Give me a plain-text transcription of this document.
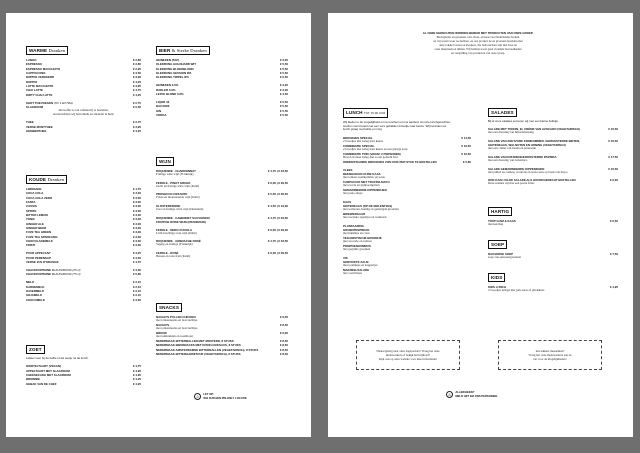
WARME Dranken
LUNGO	€ 2,80
ESPRESSO	€ 2,80
ESPRESSO MACCHIATO	€ 2,95
CAPPUCCINO	€ 3,50
DOPPIO VERKEERD	€ 3,90
DOPPIO	€ 4,25
LATTE MACCHIATO	€ 3,95
CHAI LATTE	€ 4,75
DIRTY CHAI LATTE	€ 4,25
SHOT TOEVOEGEN (OV 1 EXTRA)	€ 0,75
SLAGROOM	€ 0,50
alle koffie is ook cafeïnevrij te bestellen,
tevens hebben wij havermelk en amandel in huis!
THEE	€ 2,75
VERSE MUNTTHEE	€ 3,95
GEMBERTHEE	€ 4,25
KOUDE Dranken
LIMONADE	€ 1,70
COCA COLA	€ 3,00
COCA COLA ZERO	€ 3,00
FANTA	€ 3,00
CASSIS	€ 3,00
SPRITE	€ 3,00
BITTER LEMON	€ 3,00
TONIC	€ 3,00
GINGER ALE	€ 3,00
GINGER BEER	€ 3,30
FUZE TEA GREEN	€ 3,30
FUZE TEA SPARKLING	€ 3,30
CHOCOLADEMELK	€ 3,30
FRISTI	€ 3,30
PUUR APPELSAP	€ 3,25
PUUR PERENSAP	€ 3,50
VERSE JUS D'ORANGE	€ 4,75
CHAUDFONTAINE BLAUW/ROOD (25 cl)	€ 3,30
CHAUDFONTAINE BLAUW/ROOD (75 cl)	€ 5,80
MELK	€ 2,10
KARNEMELK	€ 2,10
HAVERMELK	€ 2,10
SOJAMELK	€ 2,10
CHOCOMELK	€ 3,30
ZOET
Lekker voor bij de koffie of als toetje na de lunch.
WORTELTAART (VEGAN)	€ 4,75
APPELTAART MET SLAGROOM	€ 4,95
CHEESECAKE MET SLAGROOM	€ 4,95
BROWNIE	€ 4,25
GEBAK VAN DE CHEF	€ 4,95
BIER & Sterke Dranken
HEINEKEN (TAP)	€ 3,20
KLEDRUNG GOLDHARD WIT	€ 5,50
KLEDRUNG BLOEDBLOND	€ 5,50
KLEDRUNG SESSION IPA	€ 5,50
KLEDRUNG TRIPEL IPA	€ 6,50
HEINEKEN 0.0%	€ 3,20
RADLER 0.0%	€ 3,20
LEFFE BLOND 0.0%	€ 4,50
LIQOR 43	€ 5,50
BACARDI	€ 5,50
GIN	€ 5,50
VODKA	€ 5,50
WIJN
ROQUENDE - CHARDONNAY	€ 4,75 | € 23,50
Fruitige witte wijn (Frankrijk)
FEROLE - PINOT GRIGIO	€ 6,00 | € 29,50
Zacht en fruitige witte wijn (Italië)
PROSECCO FIZZANTE	€ 5,50 | € 26,50
Frisse en mousserende wijn (Italië)
KLOSTERKRONE	€ 4,50 | € 19,00
Zoet en fruitige witte wijn (Duitsland)
ROQUENDE - CABERNET SAUVIGNON	€ 4,75 | € 23,50
FRUITIGE RODE WIJN (FRANKRIJK)
FEROLE - NERO D'AVOLA	€ 6,00 | € 29,50
Licht krachtige rode wijn (Italië)
ROQUENDE - GRENACHE ROSÉ	€ 4,75 | € 23,50
Sappig en fruitige (Frankrijk)
FEROLE - ROSÉ	€ 6,00 | € 29,50
Bessen en rode fruit (Italië)
SNACKS
NACHO'S PULLED CHICKEN	€ 9,50
met tomatensalsa en bosvruchtjes
NACHO'S	€ 8,50
met tomatensalsa en bosvruchtjes
BROOD	€ 6,00
met tuinkruiden en roomboter
NEDERMAAK BITTERBALLEN MET MOSTERD, 8 STUKS	€ 8,50
NEDERMAAK BIENSNACKS MET KNOFLOOKSAUS, 8 STUKS	€ 8,50
NEDERMAAK AMSTERDAMSE BITTERBALLEN (VEGETARISCH), 8 STUKS	€ 8,50
NEDERMAAK BITTERGARNITUUR (VEGETARISCH), 8 STUKS	€ 8,50
☺	LET OP:
WIJ ZIJN EEN PIN-ONLY LOCATIE
AL ONZE GERECHTEN WORDEN BEREID MET PRODUCTEN VAN ONZE GROEP.
Biologische en groenten, vers vlees, en kaas van Nederlandse bodem
en wij weten waar we hebben, en ons product de en groenten bereiden met
onze lokale boeren en kwekers, die betrouwbaar zijn met boer en
onze duurzaam en milieu. Wij hebben nooit geen vreemde hoeveelheden
en verspilling van producten van onze groep.
LUNCH TOT 15:00 UUR
Wij bieden u de mogelijkheid om te lunchen uit ons aanbod. Al onze lunchgerechten
worden vers bereid met een vers gebakken broodje naar keuze. Wij bereiden uw
lunch graag met liefde en zorg
BROODJES SPECIAL	€ 14,50
2 broodjes met beleg naar keuze
COMBINATIE SPECIAL	€ 19,50
2 broodjes met beleg naar keuze en een glaasje soep
COMBINATIE TRIO (VANAF 2 PERSONEN)	€ 16,50
Brood en meer beleg dan u ooit gedacht had
ONDERSTAANDE BROODJES ZIJN OOK PER STUK TE BESTELLEN	€ 5,80
VLEES
BEENHAM EN OUDE KAAS
met tomaat, komkommer en pesto
CARPACCIO MET TRUFFELMAYO
met rucola en pijnboompitten
GEMARINEERDE KIPPENDIJEN
met pesto-mayo
KAAS
GEITENKAAS (OP DE MOLENTJES)
met walnoten, honing en gemengde groenten
BRIEWERGAAR
met zoetzure appeltjes en walnoten
PLANTAARDIG
GROENTESPREAD
met hummus en cress
VEGANISTISCHE BROODJE
met avocado en tomaat
POMPOENHUMMUS
met gegrilde groenten
VIS
GEROOKTE ZALM
met roomkaas en kappertjes
MAKREELSALADE
met cornichons
SALADES
Bij al onze salades serveren wij met een kleine bolletje.
SALADE MET TONIJN, EI, CRÈME VAN AVOCADO (VEGETARISCH)	€ 16,50
met een dressing van limoendressing
SALADE VAN ZOETZURE KOMKOMMER, GEROOSTERDE BIETEN, GEITENKAAS, WALNOTEN EN HONING (VEGETARISCH)
€ 16,50
met een crème van bieten en peterselie
SALADE VAN KRUIDENGEROOSTERDE PAPRIKA	€ 17,50
met een dressing van balsamico
SALADE GEMARINEERDE KIPPENDIJEN	€ 16,50
met pulled en cashew, croutons en zoete saus op basis van mayo
OOK KAN U ELKE SALADE ALS HOOFDGERECHT BESTELLEN	€ 6,00
Deze salades wij met een portie frites
HARTIG
TOSTI HAM & KAAS	€ 6,50
met ketchup
SOEP
DAGVERSE SOEP	€ 7,50
soep van seizoensgroenten
KIDS
KIDS LUNCH	€ 4,95
2 broodjes belegd met jam, kaas of pindakaas
Nieuwsgierig naar onze dagspecials? Vraag het onze
medewerkers of bekijk het krijtbord!
Kijk ook op onze website voor meer informatie!
Iets lekkers meenemen?
Vraag het onze medewerkers aan de
bar voor de mogelijkheden!
⚠	ALLERGIEËN?
MELD HET BIJ ONS PERSONEEL
